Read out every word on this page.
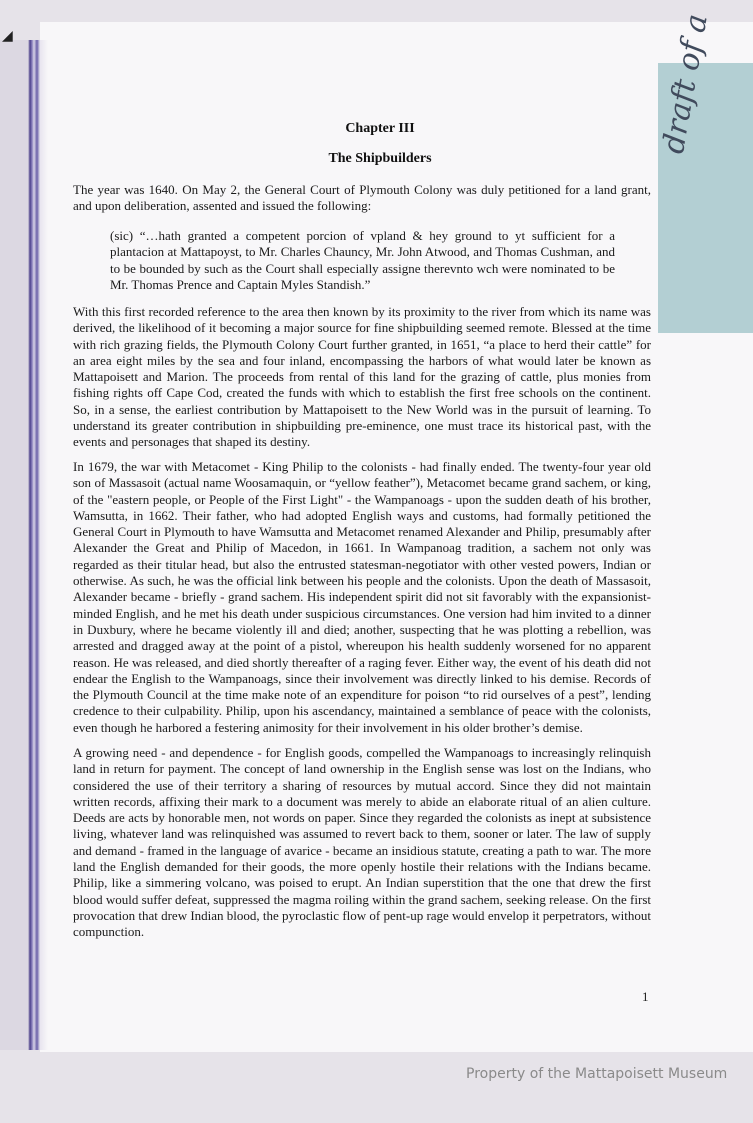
◢	draft of a
Chapter III
The Shipbuilders

The year was 1640. On May 2, the General Court of Plymouth Colony was duly petitioned for a land grant, and upon deliberation, assented and issued the following:

(sic) “…hath granted a competent porcion of vpland & hey ground to yt sufficient for a plantacion at Mattapoyst, to Mr. Charles Chauncy, Mr. John Atwood, and Thomas Cushman, and to be bounded by such as the Court shall especially assigne therevnto wch were nominated to be Mr. Thomas Prence and Captain Myles Standish.”

With this first recorded reference to the area then known by its proximity to the river from which its name was derived, the likelihood of it becoming a major source for fine shipbuilding seemed remote. Blessed at the time with rich grazing fields, the Plymouth Colony Court further granted, in 1651, “a place to herd their cattle” for an area eight miles by the sea and four inland, encompassing the harbors of what would later be known as Mattapoisett and Marion. The proceeds from rental of this land for the grazing of cattle, plus monies from fishing rights off Cape Cod, created the funds with which to establish the first free schools on the continent. So, in a sense, the earliest contribution by Mattapoisett to the New World was in the pursuit of learning. To understand its greater contribution in shipbuilding pre-eminence, one must trace its historical past, with the events and personages that shaped its destiny.

In 1679, the war with Metacomet - King Philip to the colonists - had finally ended. The twenty-four year old son of Massasoit (actual name Woosamaquin, or “yellow feather”), Metacomet became grand sachem, or king, of the "eastern people, or People of the First Light" - the Wampanoags - upon the sudden death of his brother, Wamsutta, in 1662. Their father, who had adopted English ways and customs, had formally petitioned the General Court in Plymouth to have Wamsutta and Metacomet renamed Alexander and Philip, presumably after Alexander the Great and Philip of Macedon, in 1661. In Wampanoag tradition, a sachem not only was regarded as their titular head, but also the entrusted statesman-negotiator with other vested powers, Indian or otherwise. As such, he was the official link between his people and the colonists. Upon the death of Massasoit, Alexander became - briefly - grand sachem. His independent spirit did not sit favorably with the expansionist-minded English, and he met his death under suspicious circumstances. One version had him invited to a dinner in Duxbury, where he became violently ill and died; another, suspecting that he was plotting a rebellion, was arrested and dragged away at the point of a pistol, whereupon his health suddenly worsened for no apparent reason. He was released, and died shortly thereafter of a raging fever. Either way, the event of his death did not endear the English to the Wampanoags, since their involvement was directly linked to his demise. Records of the Plymouth Council at the time make note of an expenditure for poison “to rid ourselves of a pest”, lending credence to their culpability. Philip, upon his ascendancy, maintained a semblance of peace with the colonists, even though he harbored a festering animosity for their involvement in his older brother’s demise.

A growing need - and dependence - for English goods, compelled the Wampanoags to increasingly relinquish land in return for payment. The concept of land ownership in the English sense was lost on the Indians, who considered the use of their territory a sharing of resources by mutual accord. Since they did not maintain written records, affixing their mark to a document was merely to abide an elaborate ritual of an alien culture. Deeds are acts by honorable men, not words on paper. Since they regarded the colonists as inept at subsistence living, whatever land was relinquished was assumed to revert back to them, sooner or later. The law of supply and demand - framed in the language of avarice - became an insidious statute, creating a path to war. The more land the English demanded for their goods, the more openly hostile their relations with the Indians became. Philip, like a simmering volcano, was poised to erupt. An Indian superstition that the one that drew the first blood would suffer defeat, suppressed the magma roiling within the grand sachem, seeking release. On the first provocation that drew Indian blood, the pyroclastic flow of pent-up rage would envelop it perpetrators, without compunction.

1
Property of the Mattapoisett Museum
